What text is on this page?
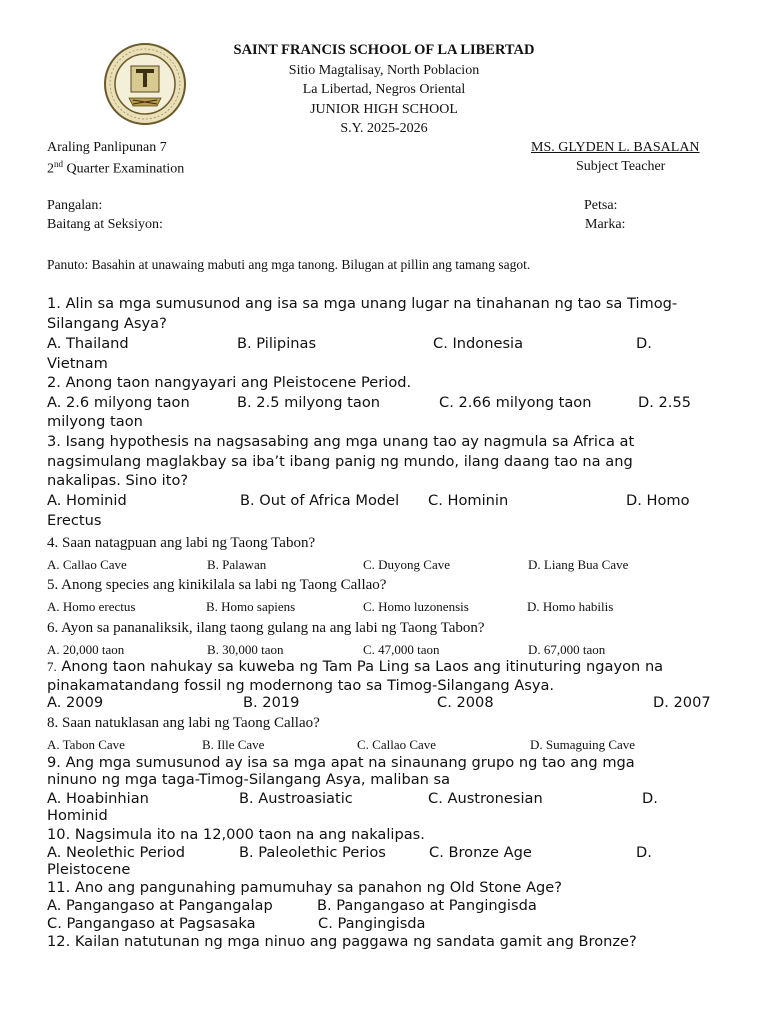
SAINT FRANCIS SCHOOL OF LA LIBERTAD
Sitio Magtalisay, North Poblacion
La Libertad, Negros Oriental
JUNIOR HIGH SCHOOL
S.Y. 2025-2026
Araling Panlipunan 7
2nd Quarter Examination
MS. GLYDEN L. BASALAN
Subject Teacher
Pangalan:	Petsa:
Baitang at Seksiyon:	Marka:
Panuto: Basahin at unawaing mabuti ang mga tanong. Bilugan at pillin ang tamang sagot.
1. Alin sa mga sumusunod ang isa sa mga unang lugar na tinahanan ng tao sa Timog-
Silangang Asya?
A. Thailand	B. Pilipinas	C. Indonesia	D.
Vietnam
2. Anong taon nangyayari ang Pleistocene Period.
A. 2.6 milyong taon	B. 2.5 milyong taon	C. 2.66 milyong taon	D. 2.55
milyong taon
3. Isang hypothesis na nagsasabing ang mga unang tao ay nagmula sa Africa at
nagsimulang maglakbay sa iba’t ibang panig ng mundo, ilang daang tao na ang
nakalipas. Sino ito?
A. Hominid	B. Out of Africa Model C. Hominin	D. Homo
Erectus
4. Saan natagpuan ang labi ng Taong Tabon?
A. Callao Cave	B. Palawan	C. Duyong Cave	D. Liang Bua Cave
5. Anong species ang kinikilala sa labi ng Taong Callao?
A. Homo erectus	B. Homo sapiens	C. Homo luzonensis	D. Homo habilis
6. Ayon sa pananaliksik, ilang taong gulang na ang labi ng Taong Tabon?
A. 20,000 taon	B. 30,000 taon	C. 47,000 taon	D. 67,000 taon
7. Anong taon nahukay sa kuweba ng Tam Pa Ling sa Laos ang itinuturing ngayon na
pinakamatandang fossil ng modernong tao sa Timog-Silangang Asya.
A. 2009	B. 2019	C. 2008	D. 2007
8. Saan natuklasan ang labi ng Taong Callao?
A. Tabon Cave	B. Ille Cave	C. Callao Cave	D. Sumaguing Cave
9. Ang mga sumusunod ay isa sa mga apat na sinaunang grupo ng tao ang mga
ninuno ng mga taga-Timog-Silangang Asya, maliban sa
A. Hoabinhian	B. Austroasiatic	C. Austronesian	D.
Hominid
10. Nagsimula ito na 12,000 taon na ang nakalipas.
A. Neolethic Period	B. Paleolethic Perios	C. Bronze Age	D.
Pleistocene
11. Ano ang pangunahing pamumuhay sa panahon ng Old Stone Age?
A. Pangangaso at Pangangalap	B. Pangangaso at Pangingisda
C. Pangangaso at Pagsasaka	C. Pangingisda
12. Kailan natutunan ng mga ninuo ang paggawa ng sandata gamit ang Bronze?
